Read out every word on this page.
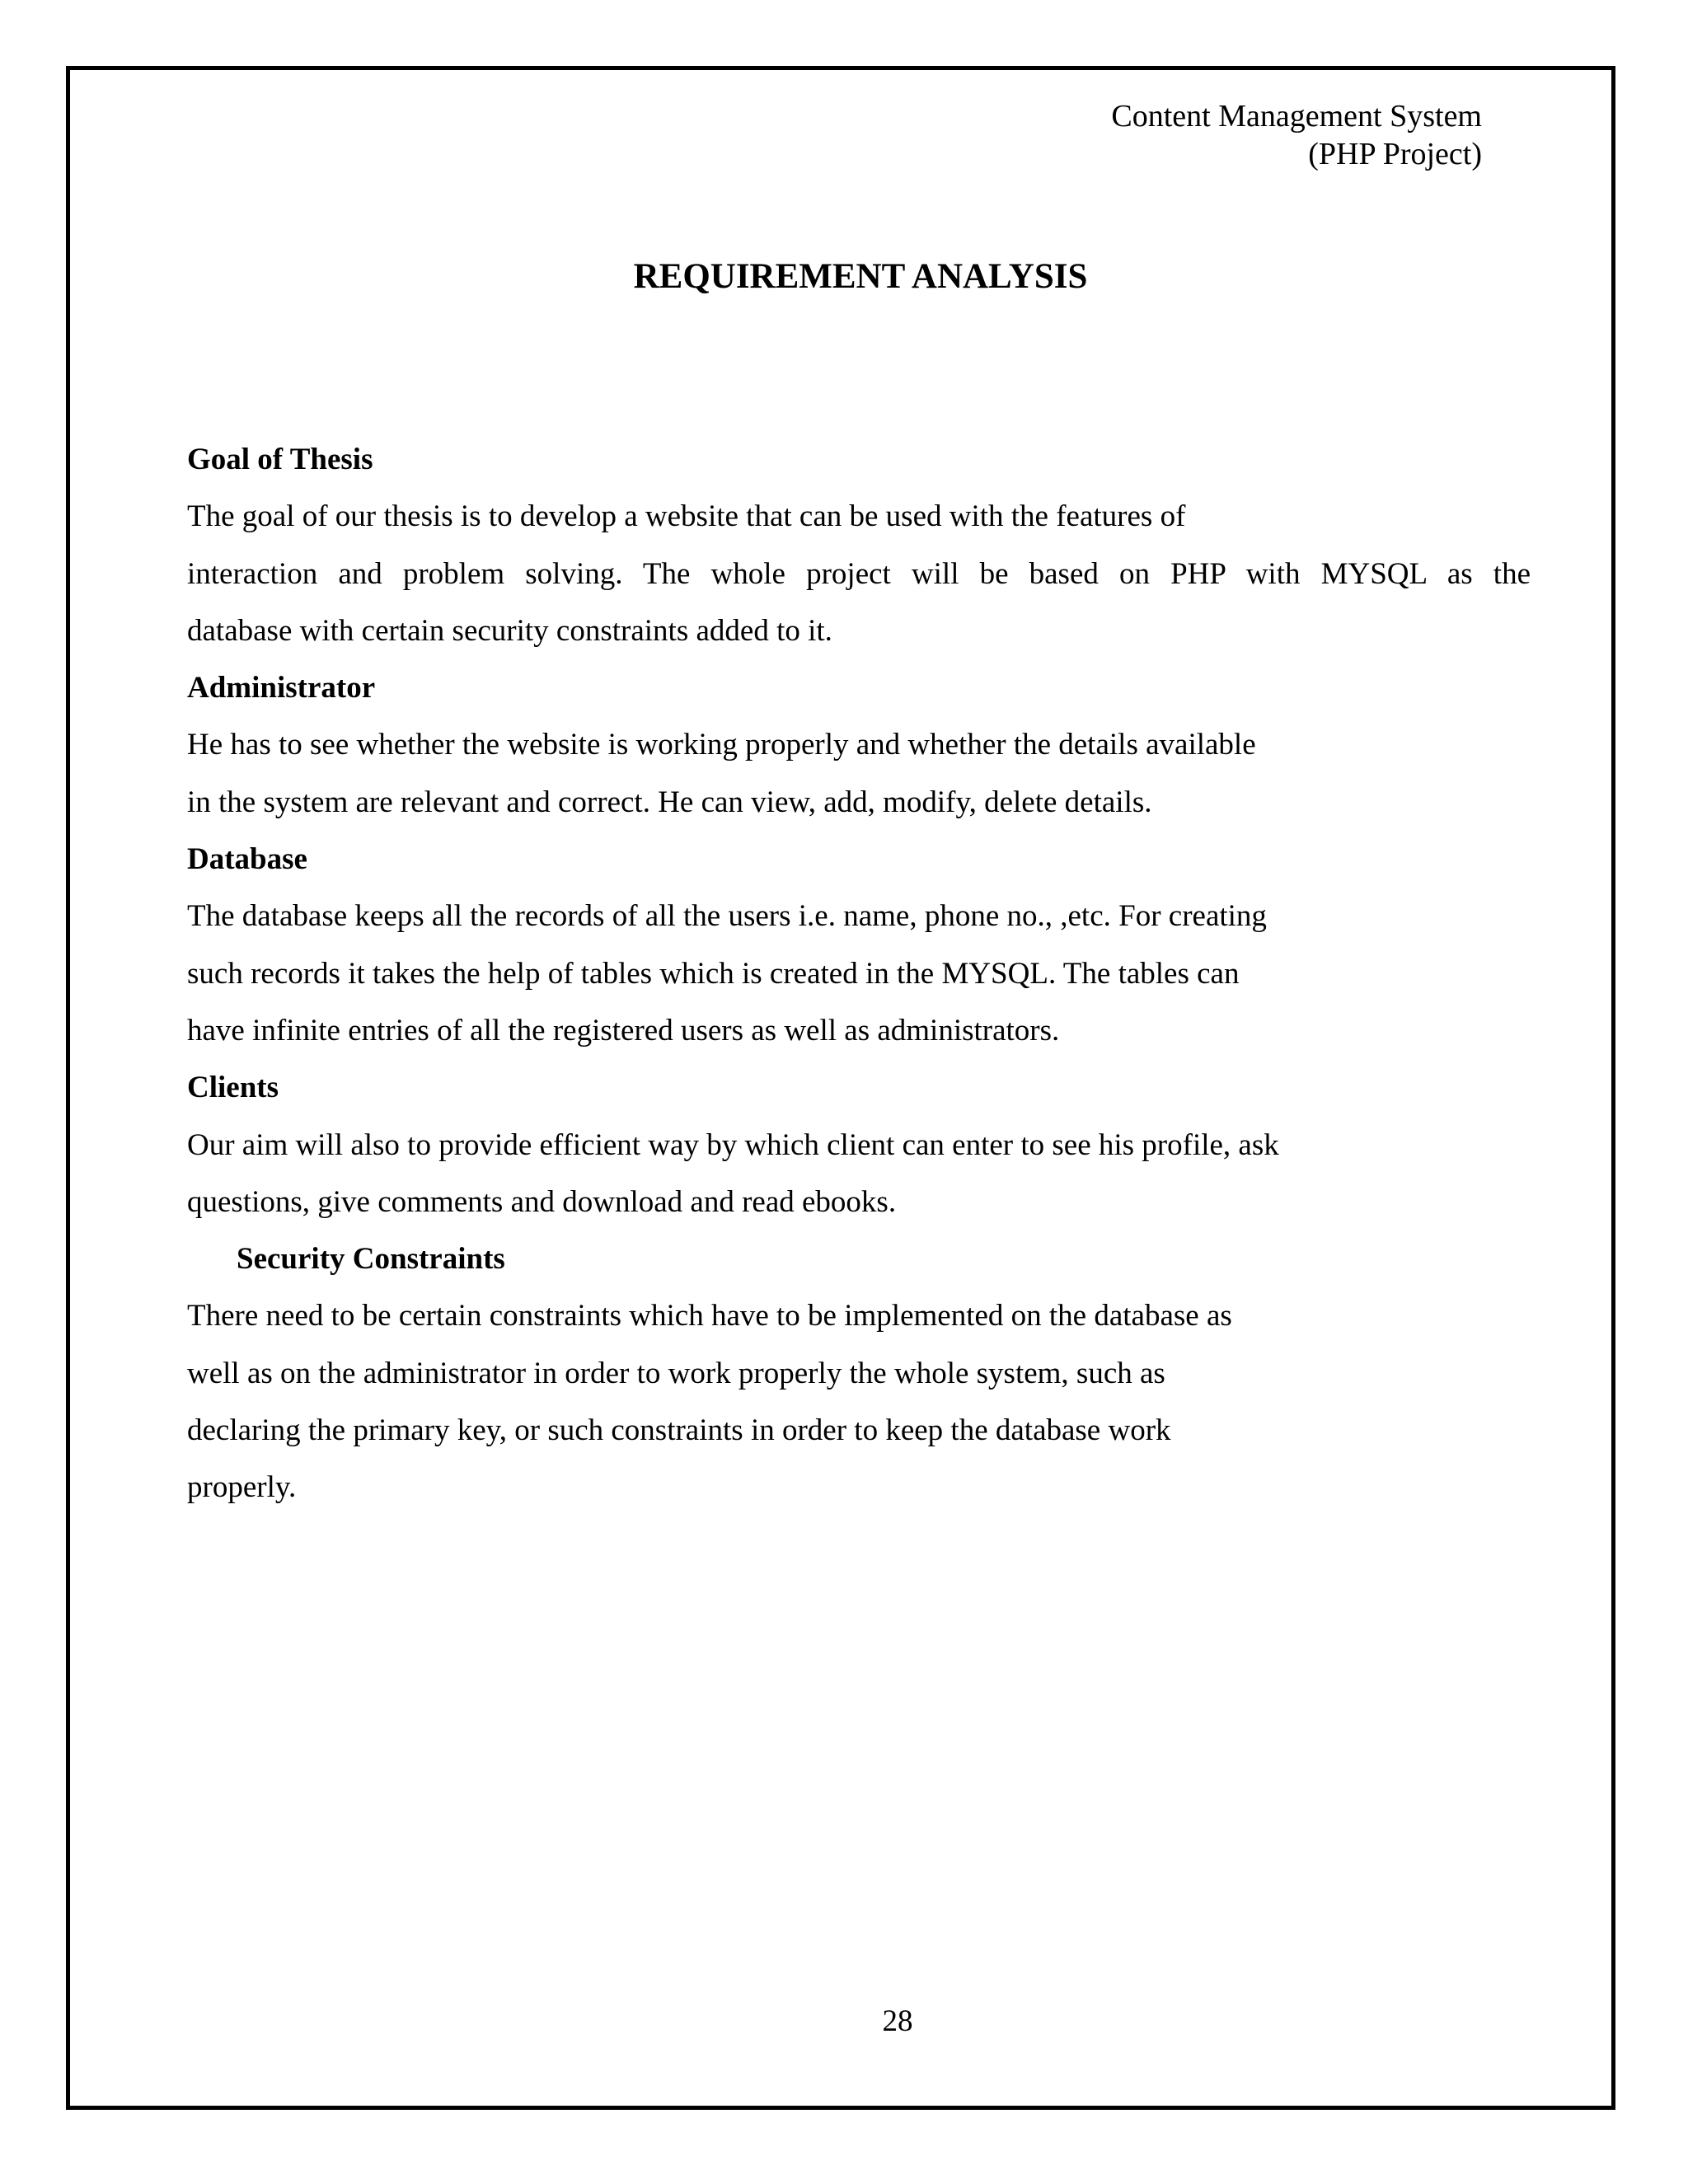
Content Management System
(PHP Project)
REQUIREMENT ANALYSIS
Goal of Thesis
The goal of our thesis is to develop a website that can be used with the features of
interaction and problem solving. The whole project will be based on PHP with MYSQL as the
database with certain security constraints added to it.
Administrator
He has to see whether the website is working properly and whether the details available
in the system are relevant and correct. He can view, add, modify, delete details.
Database
The database keeps all the records of all the users i.e. name, phone no., ,etc. For creating
such records it takes the help of tables which is created in the MYSQL. The tables can
have infinite entries of all the registered users as well as administrators.
Clients
Our aim will also to provide efficient way by which client can enter to see his profile, ask
questions, give comments and download and read ebooks.
Security Constraints
There need to be certain constraints which have to be implemented on the database as
well as on the administrator in order to work properly the whole system, such as
declaring the primary key, or such constraints in order to keep the database work
properly.
28
